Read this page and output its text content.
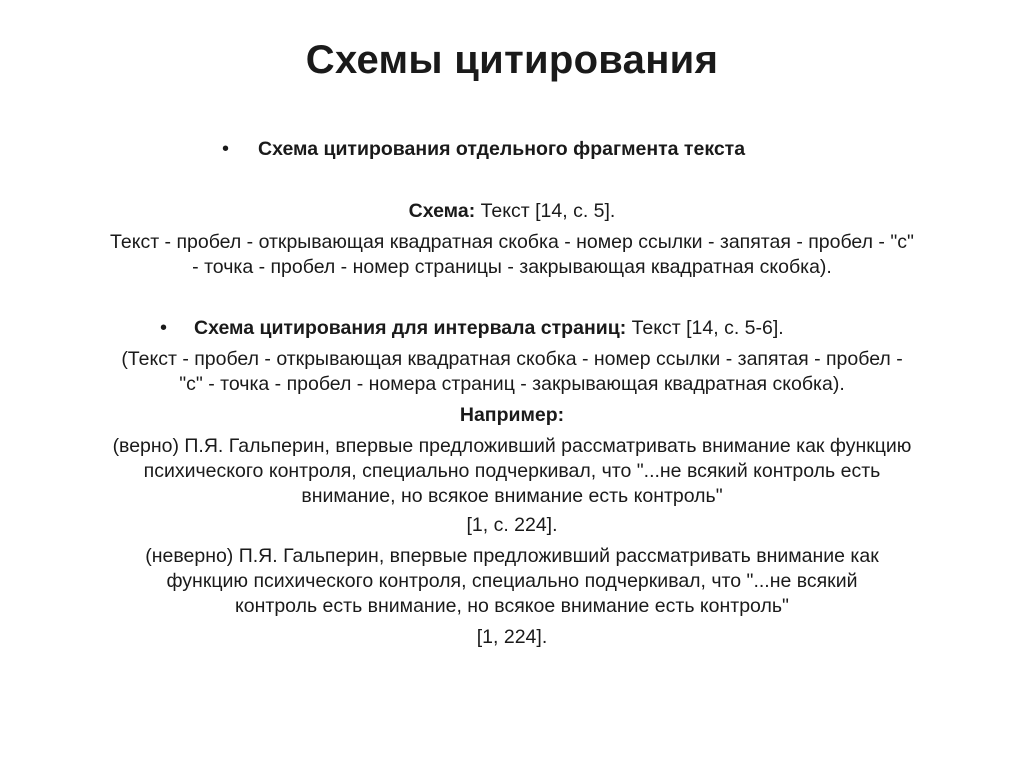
Схемы цитирования
• Схема цитирования отдельного фрагмента текста
Схема: Текст [14, с. 5].
Текст - пробел - открывающая квадратная скобка - номер ссылки - запятая - пробел - "с"
- точка - пробел - номер страницы - закрывающая квадратная скобка).
• Схема цитирования для интервала страниц: Текст [14, с. 5-6].
(Текст - пробел - открывающая квадратная скобка - номер ссылки - запятая - пробел -
"с" - точка - пробел - номера страниц - закрывающая квадратная скобка).
Например:
(верно) П.Я. Гальперин, впервые предложивший рассматривать внимание как функцию
психического контроля, специально подчеркивал, что "...не всякий контроль есть
внимание, но всякое внимание есть контроль"
[1, с. 224].
(неверно) П.Я. Гальперин, впервые предложивший рассматривать внимание как
функцию психического контроля, специально подчеркивал, что "...не всякий
контроль есть внимание, но всякое внимание есть контроль"
[1, 224].
